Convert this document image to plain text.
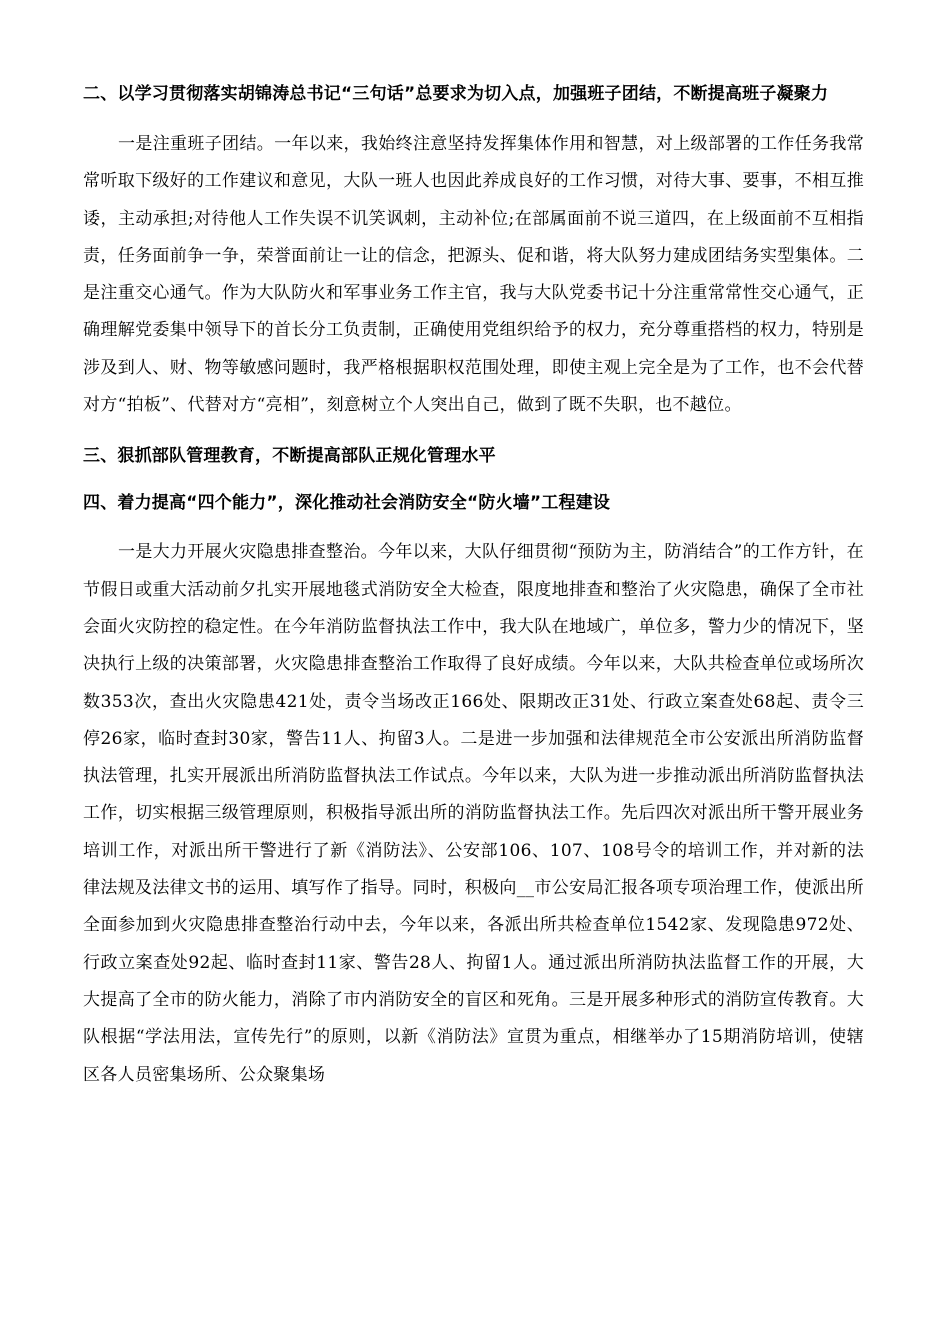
二、以学习贯彻落实胡锦涛总书记“三句话”总要求为切入点，加强班子团结，不断提高班子凝聚力

一是注重班子团结。一年以来，我始终注意坚持发挥集体作用和智慧，对上级部署的工作任务我常常听取下级好的工作建议和意见，大队一班人也因此养成良好的工作习惯，对待大事、要事，不相互推诿，主动承担;对待他人工作失误不讥笑讽刺，主动补位;在部属面前不说三道四，在上级面前不互相指责，任务面前争一争，荣誉面前让一让的信念，把源头、促和谐，将大队努力建成团结务实型集体。二是注重交心通气。作为大队防火和军事业务工作主官，我与大队党委书记十分注重常常性交心通气，正确理解党委集中领导下的首长分工负责制，正确使用党组织给予的权力，充分尊重搭档的权力，特别是涉及到人、财、物等敏感问题时，我严格根据职权范围处理，即使主观上完全是为了工作，也不会代替对方“拍板”、代替对方“亮相”，刻意树立个人突出自己，做到了既不失职，也不越位。

三、狠抓部队管理教育，不断提高部队正规化管理水平

四、着力提高“四个能力”，深化推动社会消防安全“防火墙”工程建设

一是大力开展火灾隐患排查整治。今年以来，大队仔细贯彻“预防为主，防消结合”的工作方针，在节假日或重大活动前夕扎实开展地毯式消防安全大检查，限度地排查和整治了火灾隐患，确保了全市社会面火灾防控的稳定性。在今年消防监督执法工作中，我大队在地域广，单位多，警力少的情况下，坚决执行上级的决策部署，火灾隐患排查整治工作取得了良好成绩。今年以来，大队共检查单位或场所次数353次，查出火灾隐患421处，责令当场改正166处、限期改正31处、行政立案查处68起、责令三停26家，临时查封30家，警告11人、拘留3人。二是进一步加强和法律规范全市公安派出所消防监督执法管理，扎实开展派出所消防监督执法工作试点。今年以来，大队为进一步推动派出所消防监督执法工作，切实根据三级管理原则，积极指导派出所的消防监督执法工作。先后四次对派出所干警开展业务培训工作，对派出所干警进行了新《消防法》、公安部106、107、108号令的培训工作，并对新的法律法规及法律文书的运用、填写作了指导。同时，积极向__市公安局汇报各项专项治理工作，使派出所全面参加到火灾隐患排查整治行动中去，今年以来，各派出所共检查单位1542家、发现隐患972处、行政立案查处92起、临时查封11家、警告28人、拘留1人。通过派出所消防执法监督工作的开展，大大提高了全市的防火能力，消除了市内消防安全的盲区和死角。三是开展多种形式的消防宣传教育。大队根据“学法用法，宣传先行”的原则，以新《消防法》宣贯为重点，相继举办了15期消防培训，使辖区各人员密集场所、公众聚集场
